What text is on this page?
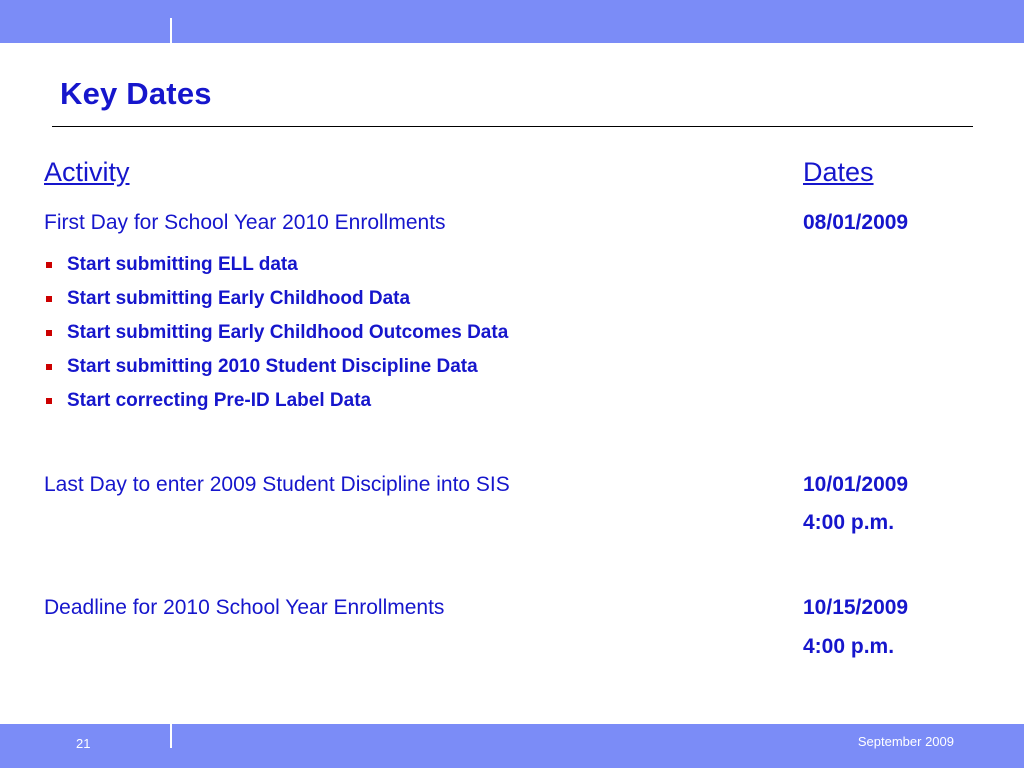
Key Dates
Activity	Dates
First Day for School Year 2010 Enrollments	08/01/2009
Start submitting ELL data
Start submitting Early Childhood Data
Start submitting Early Childhood Outcomes Data
Start submitting 2010 Student Discipline Data
Start correcting Pre-ID Label Data
Last Day to enter 2009 Student Discipline into SIS	10/01/2009
4:00 p.m.
Deadline for 2010 School Year Enrollments	10/15/2009
4:00 p.m.
21	September 2009
